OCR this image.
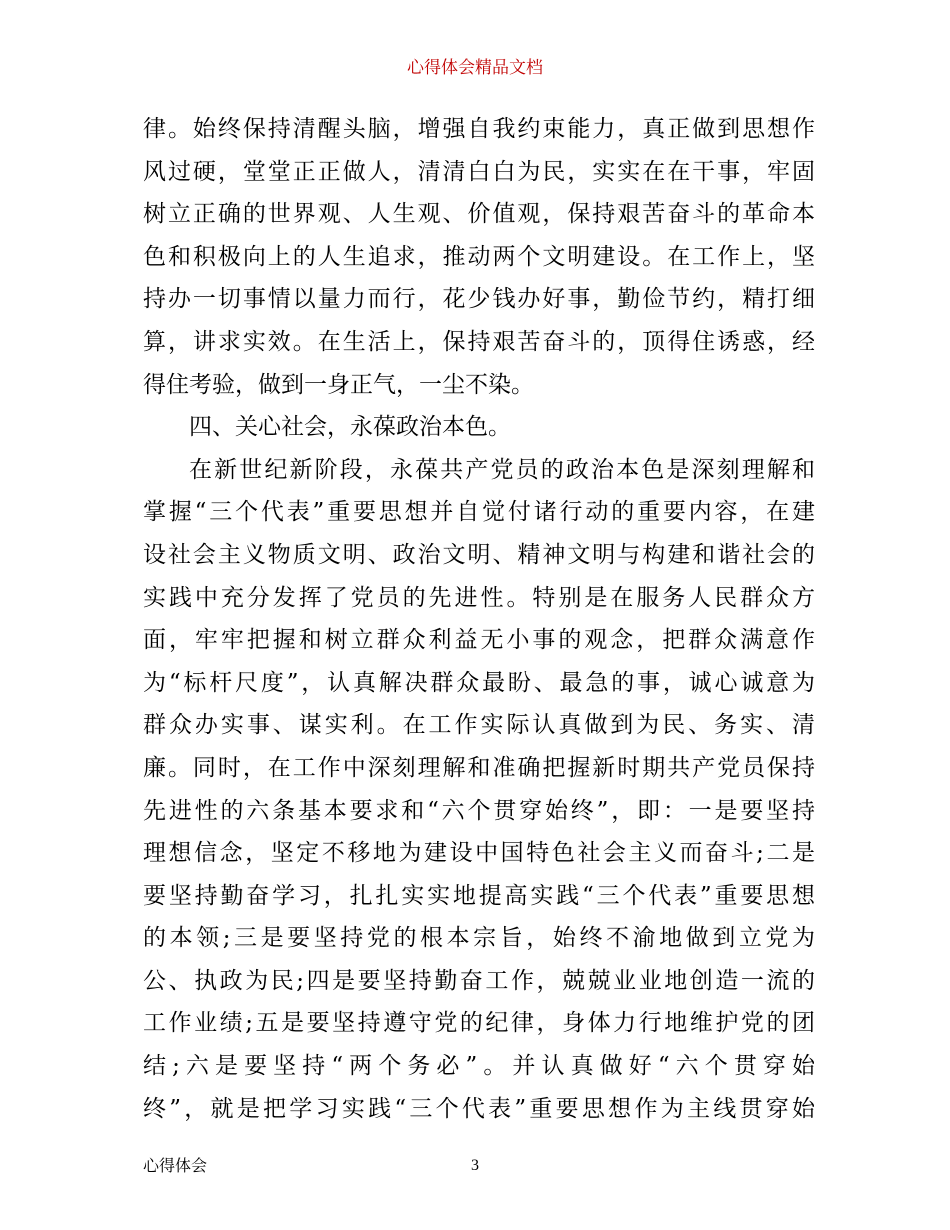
心得体会精品文档
律。始终保持清醒头脑，增强自我约束能力，真正做到思想作
风过硬，堂堂正正做人，清清白白为民，实实在在干事，牢固
树立正确的世界观、人生观、价值观，保持艰苦奋斗的革命本
色和积极向上的人生追求，推动两个文明建设。在工作上，坚
持办一切事情以量力而行，花少钱办好事，勤俭节约，精打细
算，讲求实效。在生活上，保持艰苦奋斗的，顶得住诱惑，经
得住考验，做到一身正气，一尘不染。
四、关心社会，永葆政治本色。
在新世纪新阶段，永葆共产党员的政治本色是深刻理解和
掌握“三个代表”重要思想并自觉付诸行动的重要内容，在建
设社会主义物质文明、政治文明、精神文明与构建和谐社会的
实践中充分发挥了党员的先进性。特别是在服务人民群众方
面，牢牢把握和树立群众利益无小事的观念，把群众满意作
为“标杆尺度”，认真解决群众最盼、最急的事，诚心诚意为
群众办实事、谋实利。在工作实际认真做到为民、务实、清
廉。同时，在工作中深刻理解和准确把握新时期共产党员保持
先进性的六条基本要求和“六个贯穿始终”，即：一是要坚持
理想信念，坚定不移地为建设中国特色社会主义而奋斗;二是
要坚持勤奋学习，扎扎实实地提高实践“三个代表”重要思想
的本领;三是要坚持党的根本宗旨，始终不渝地做到立党为
公、执政为民;四是要坚持勤奋工作，兢兢业业地创造一流的
工作业绩;五是要坚持遵守党的纪律，身体力行地维护党的团
结;六是要坚持“两个务必”。并认真做好“六个贯穿始
终”，就是把学习实践“三个代表”重要思想作为主线贯穿始
心得体会	3
